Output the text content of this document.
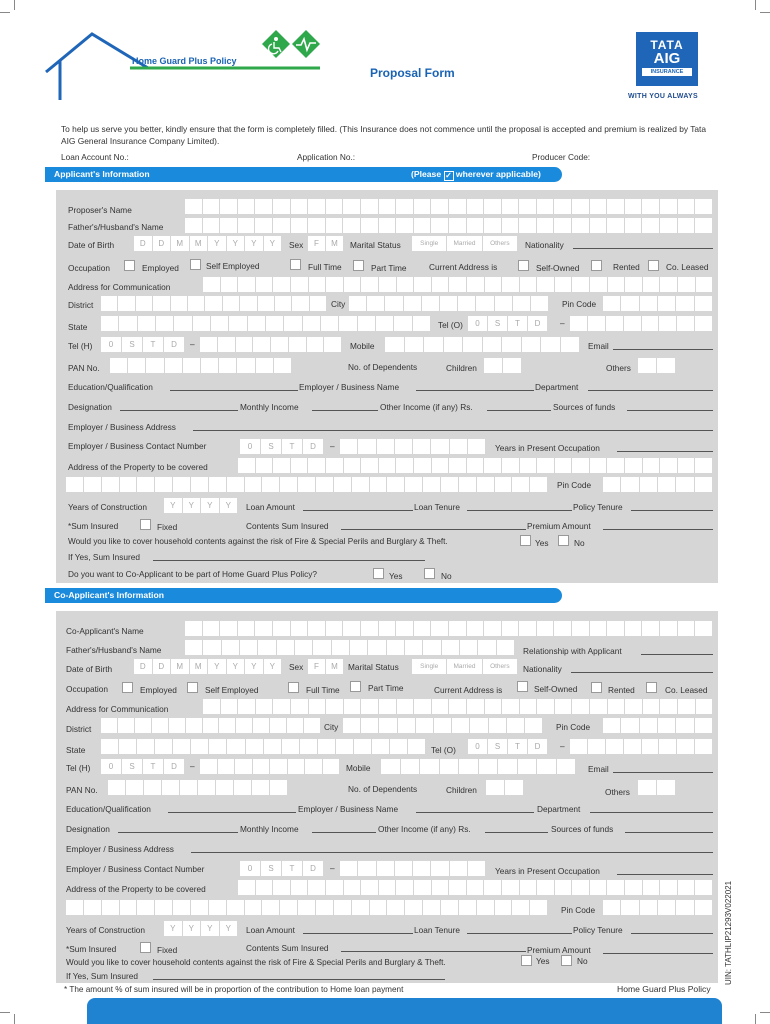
Home Guard Plus Policy
Proposal Form
TATA
AIG
INSURANCE
WITH YOU ALWAYS
To help us serve you better, kindly ensure that the form is completely filled. (This Insurance does not commence until the proposal is accepted and premium is realized by Tata AIG General Insurance Company Limited).
Loan Account No.:	Application No.:	Producer Code:
Applicant's Information	(Please ✓ wherever applicable)
Proposer's Name
Father's/Husband's Name
Date of Birth	D	D	M	M	Y	Y	Y	Y	Sex	F	M	Marital Status	Single	Married	Others	Nationality
Occupation	Employed	Self Employed	Full Time	Part Time	Current Address is	Self-Owned	Rented	Co. Leased
Address for Communication
District	City	Pin Code
State	Tel (O)	0	S	T	D	–
Tel (H)	0	S	T	D	–	Mobile	Email
PAN No.	No. of Dependents	Children	Others
Education/Qualification	Employer / Business Name	Department
Designation	Monthly Income	Other Income (if any) Rs.	Sources of funds
Employer / Business Address
Employer / Business Contact Number	0	S	T	D	–	Years in Present Occupation
Address of the Property to be covered
Pin Code
Years of Construction	Y	Y	Y	Y	Loan Amount	Loan Tenure	Policy Tenure
*Sum Insured	Fixed	Contents Sum Insured	Premium Amount
Would you like to cover household contents against the risk of Fire & Special Perils and Burglary & Theft.	Yes	No
If Yes, Sum Insured
Do you want to Co-Applicant to be part of Home Guard Plus Policy?	Yes	No
Co-Applicant's Information
Co-Applicant's Name
Father's/Husband's Name	Relationship with Applicant
Date of Birth	D	D	M	M	Y	Y	Y	Y	Sex	F	M	Marital Status	Single	Married	Others	Nationality
Occupation	Employed	Self Employed	Full Time	Part Time	Current Address is	Self-Owned	Rented	Co. Leased
Address for Communication
District	City	Pin Code
State	Tel (O)	0	S	T	D	–
Tel (H)	0	S	T	D	–	Mobile	Email
PAN No.	No. of Dependents	Children	Others
Education/Qualification	Employer / Business Name	Department
Designation	Monthly Income	Other Income (if any) Rs.	Sources of funds
Employer / Business Address
Employer / Business Contact Number	0	S	T	D	–	Years in Present Occupation
Address of the Property to be covered
Pin Code
Years of Construction	Y	Y	Y	Y	Loan Amount	Loan Tenure	Policy Tenure
*Sum Insured	Fixed	Contents Sum Insured	Premium Amount
Would you like to cover household contents against the risk of Fire & Special Perils and Burglary & Theft.	Yes	No
If Yes, Sum Insured	UIN: TATHLIP21293V022021
* The amount % of sum insured will be in proportion of the contribution to Home loan payment	Home Guard Plus Policy
